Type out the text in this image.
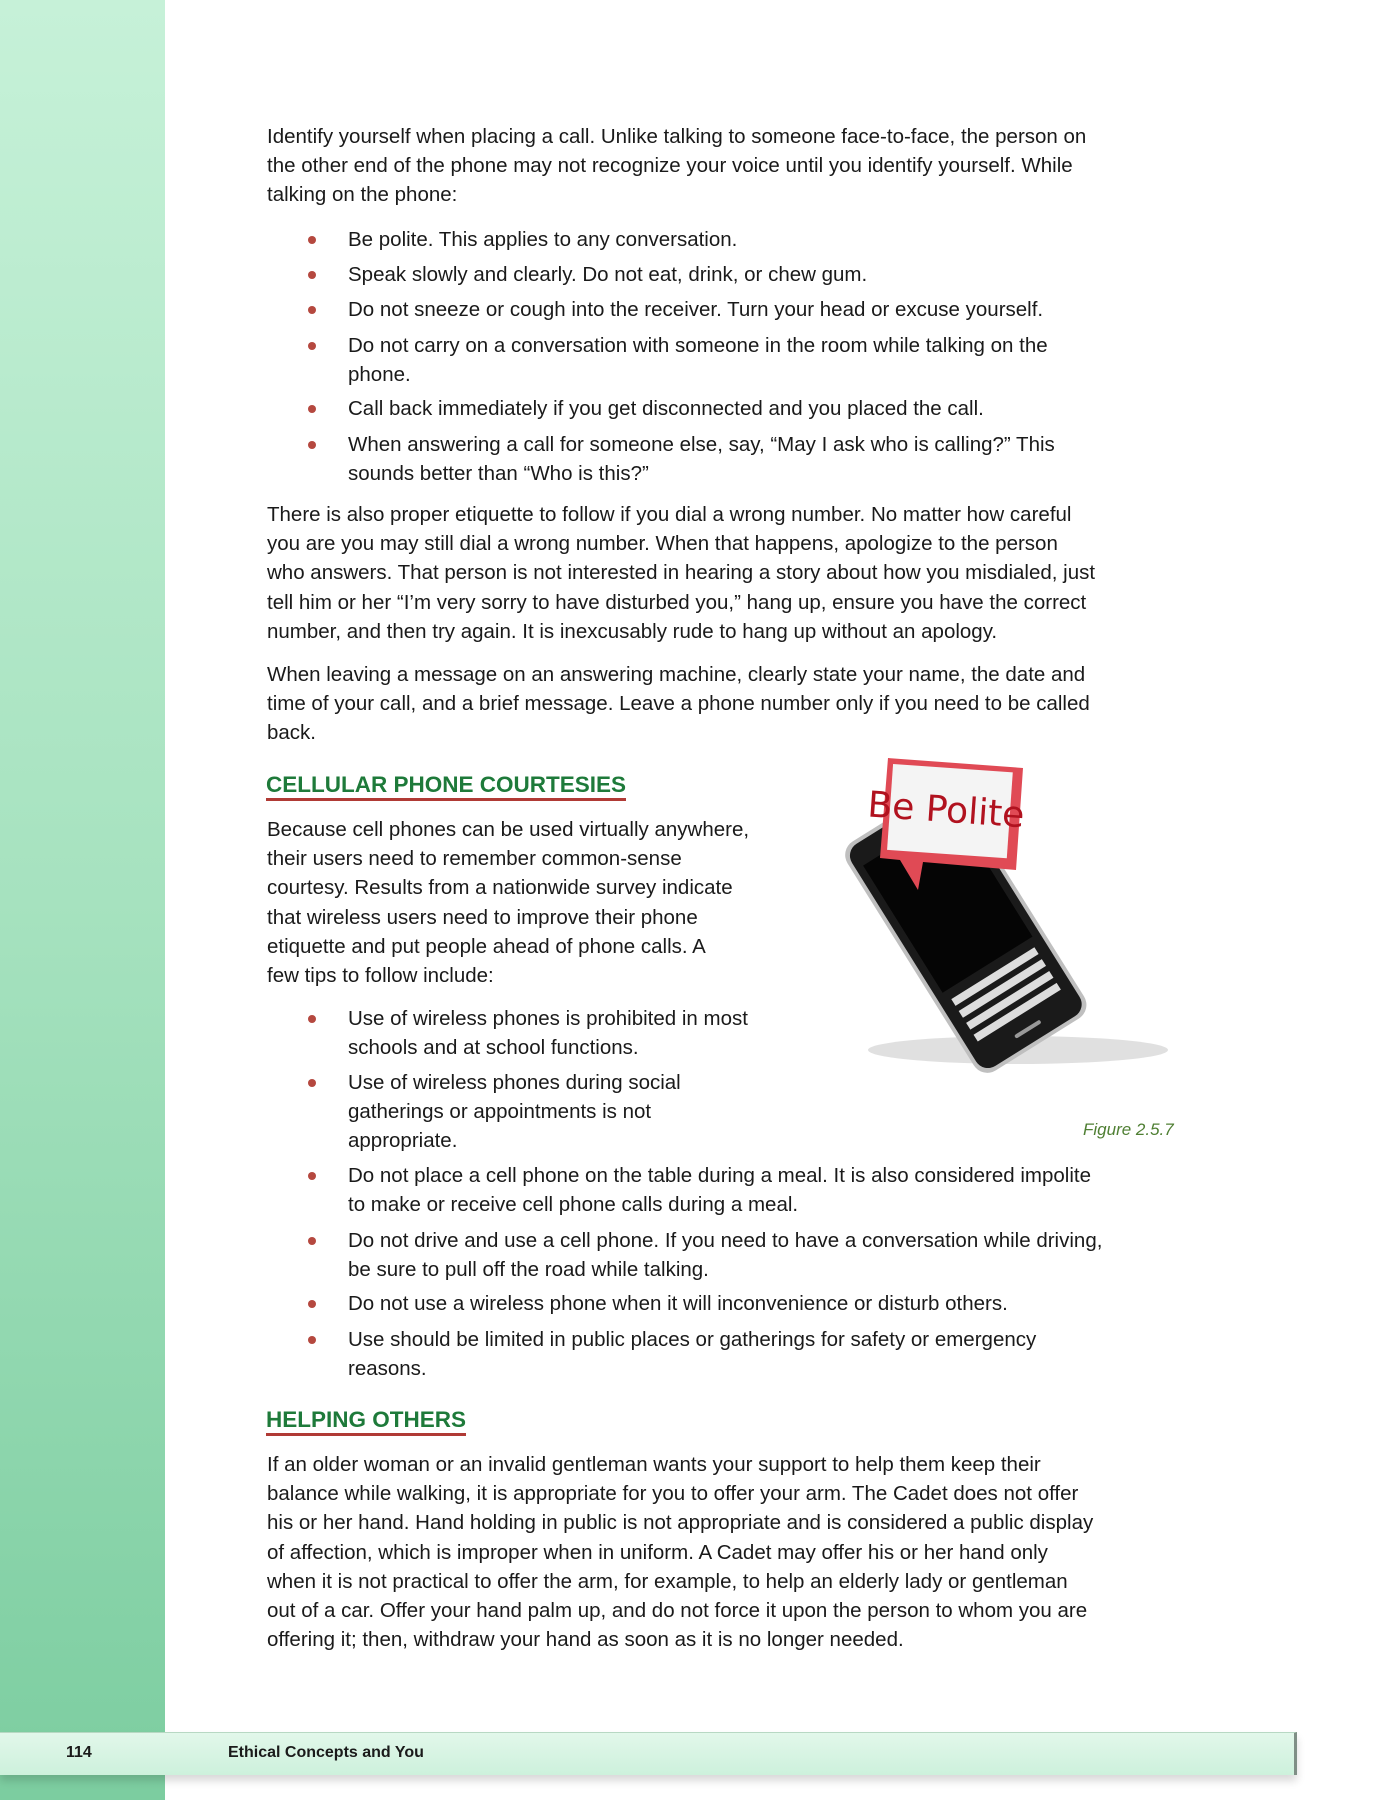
Identify yourself when placing a call. Unlike talking to someone face-to-face, the person on
the other end of the phone may not recognize your voice until you identify yourself. While
talking on the phone:
Be polite. This applies to any conversation.
Speak slowly and clearly. Do not eat, drink, or chew gum.
Do not sneeze or cough into the receiver. Turn your head or excuse yourself.
Do not carry on a conversation with someone in the room while talking on the
phone.
Call back immediately if you get disconnected and you placed the call.
When answering a call for someone else, say, “May I ask who is calling?” This
sounds better than “Who is this?”
There is also proper etiquette to follow if you dial a wrong number. No matter how careful
you are you may still dial a wrong number. When that happens, apologize to the person
who answers. That person is not interested in hearing a story about how you misdialed, just
tell him or her “I’m very sorry to have disturbed you,” hang up, ensure you have the correct
number, and then try again. It is inexcusably rude to hang up without an apology.
When leaving a message on an answering machine, clearly state your name, the date and
time of your call, and a brief message. Leave a phone number only if you need to be called
back.
CELLULAR PHONE COURTESIES
Because cell phones can be used virtually anywhere,
their users need to remember common-sense
courtesy. Results from a nationwide survey indicate
that wireless users need to improve their phone
etiquette and put people ahead of phone calls. A
few tips to follow include:
Use of wireless phones is prohibited in most
schools and at school functions.
Use of wireless phones during social
gatherings or appointments is not
appropriate.
Do not place a cell phone on the table during a meal. It is also considered impolite
to make or receive cell phone calls during a meal.
Do not drive and use a cell phone. If you need to have a conversation while driving,
be sure to pull off the road while talking.
Do not use a wireless phone when it will inconvenience or disturb others.
Use should be limited in public places or gatherings for safety or emergency
reasons.
HELPING OTHERS
If an older woman or an invalid gentleman wants your support to help them keep their
balance while walking, it is appropriate for you to offer your arm. The Cadet does not offer
his or her hand. Hand holding in public is not appropriate and is considered a public display
of affection, which is improper when in uniform. A Cadet may offer his or her hand only
when it is not practical to offer the arm, for example, to help an elderly lady or gentleman
out of a car. Offer your hand palm up, and do not force it upon the person to whom you are
offering it; then, withdraw your hand as soon as it is no longer needed.
Be Polite
Figure 2.5.7
114	Ethical Concepts and You
